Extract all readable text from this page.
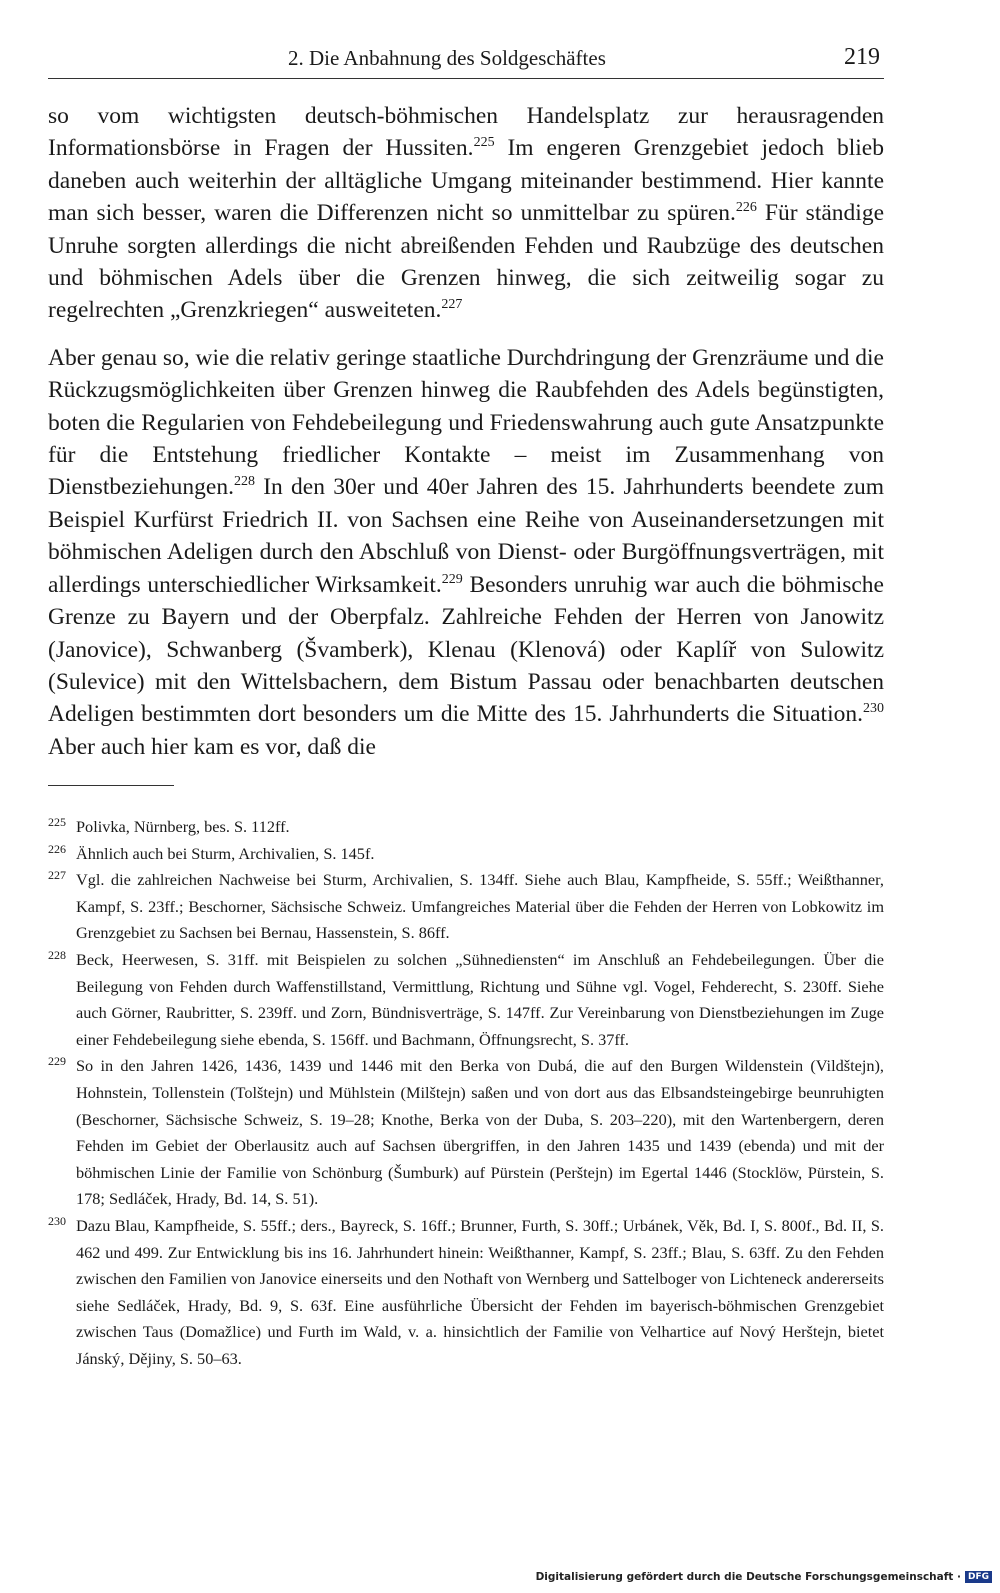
2. Die Anbahnung des Soldgeschäftes	219

so vom wichtigsten deutsch-böhmischen Handelsplatz zur herausragenden Informationsbörse in Fragen der Hussiten.$^{225}$ Im engeren Grenzgebiet jedoch blieb daneben auch weiterhin der alltägliche Umgang miteinander bestimmend. Hier kannte man sich besser, waren die Differenzen nicht so unmittelbar zu spüren.$^{226}$ Für ständige Unruhe sorgten allerdings die nicht abreißenden Fehden und Raubzüge des deutschen und böhmischen Adels über die Grenzen hinweg, die sich zeitweilig sogar zu regelrechten „Grenzkriegen“ ausweiteten.$^{227}$

Aber genau so, wie die relativ geringe staatliche Durchdringung der Grenzräume und die Rückzugsmöglichkeiten über Grenzen hinweg die Raubfehden des Adels begünstigten, boten die Regularien von Fehdebeilegung und Friedenswahrung auch gute Ansatzpunkte für die Entstehung friedlicher Kontakte – meist im Zusammenhang von Dienstbeziehungen.$^{228}$ In den 30er und 40er Jahren des 15. Jahrhunderts beendete zum Beispiel Kurfürst Friedrich II. von Sachsen eine Reihe von Auseinandersetzungen mit böhmischen Adeligen durch den Abschluß von Dienst- oder Burgöffnungsverträgen, mit allerdings unterschiedlicher Wirksamkeit.$^{229}$ Besonders unruhig war auch die böhmische Grenze zu Bayern und der Oberpfalz. Zahlreiche Fehden der Herren von Janowitz (Janovice), Schwanberg (Švamberk), Klenau (Klenová) oder Kaplíř von Sulowitz (Sulevice) mit den Wittelsbachern, dem Bistum Passau oder benachbarten deutschen Adeligen bestimmten dort besonders um die Mitte des 15. Jahrhunderts die Situation.$^{230}$ Aber auch hier kam es vor, daß die

225 Polivka, Nürnberg, bes. S. 112ff.
226 Ähnlich auch bei Sturm, Archivalien, S. 145f.
227 Vgl. die zahlreichen Nachweise bei Sturm, Archivalien, S. 134ff. Siehe auch Blau, Kampfheide, S. 55ff.; Weißthanner, Kampf, S. 23ff.; Beschorner, Sächsische Schweiz. Umfangreiches Material über die Fehden der Herren von Lobkowitz im Grenzgebiet zu Sachsen bei Bernau, Hassenstein, S. 86ff.
228 Beck, Heerwesen, S. 31ff. mit Beispielen zu solchen „Sühnediensten“ im Anschluß an Fehdebeilegungen. Über die Beilegung von Fehden durch Waffenstillstand, Vermittlung, Richtung und Sühne vgl. Vogel, Fehderecht, S. 230ff. Siehe auch Görner, Raubritter, S. 239ff. und Zorn, Bündnisverträge, S. 147ff. Zur Vereinbarung von Dienstbeziehungen im Zuge einer Fehdebeilegung siehe ebenda, S. 156ff. und Bachmann, Öffnungsrecht, S. 37ff.
229 So in den Jahren 1426, 1436, 1439 und 1446 mit den Berka von Dubá, die auf den Burgen Wildenstein (Vildštejn), Hohnstein, Tollenstein (Tolštejn) und Mühlstein (Milštejn) saßen und von dort aus das Elbsandsteingebirge beunruhigten (Beschorner, Sächsische Schweiz, S. 19–28; Knothe, Berka von der Duba, S. 203–220), mit den Wartenbergern, deren Fehden im Gebiet der Oberlausitz auch auf Sachsen übergriffen, in den Jahren 1435 und 1439 (ebenda) und mit der böhmischen Linie der Familie von Schönburg (Šumburk) auf Pürstein (Perštejn) im Egertal 1446 (Stocklöw, Pürstein, S. 178; Sedláček, Hrady, Bd. 14, S. 51).
230 Dazu Blau, Kampfheide, S. 55ff.; ders., Bayreck, S. 16ff.; Brunner, Furth, S. 30ff.; Urbánek, Věk, Bd. I, S. 800f., Bd. II, S. 462 und 499. Zur Entwicklung bis ins 16. Jahrhundert hinein: Weißthanner, Kampf, S. 23ff.; Blau, S. 63ff. Zu den Fehden zwischen den Familien von Janovice einerseits und den Nothaft von Wernberg und Sattelboger von Lichteneck andererseits siehe Sedláček, Hrady, Bd. 9, S. 63f. Eine ausführliche Übersicht der Fehden im bayerisch-böhmischen Grenzgebiet zwischen Taus (Domažlice) und Furth im Wald, v. a. hinsichtlich der Familie von Velhartice auf Nový Herštejn, bietet Jánský, Dějiny, S. 50–63.
Digitalisierung gefördert durch die Deutsche Forschungsgemeinschaft · DFG
